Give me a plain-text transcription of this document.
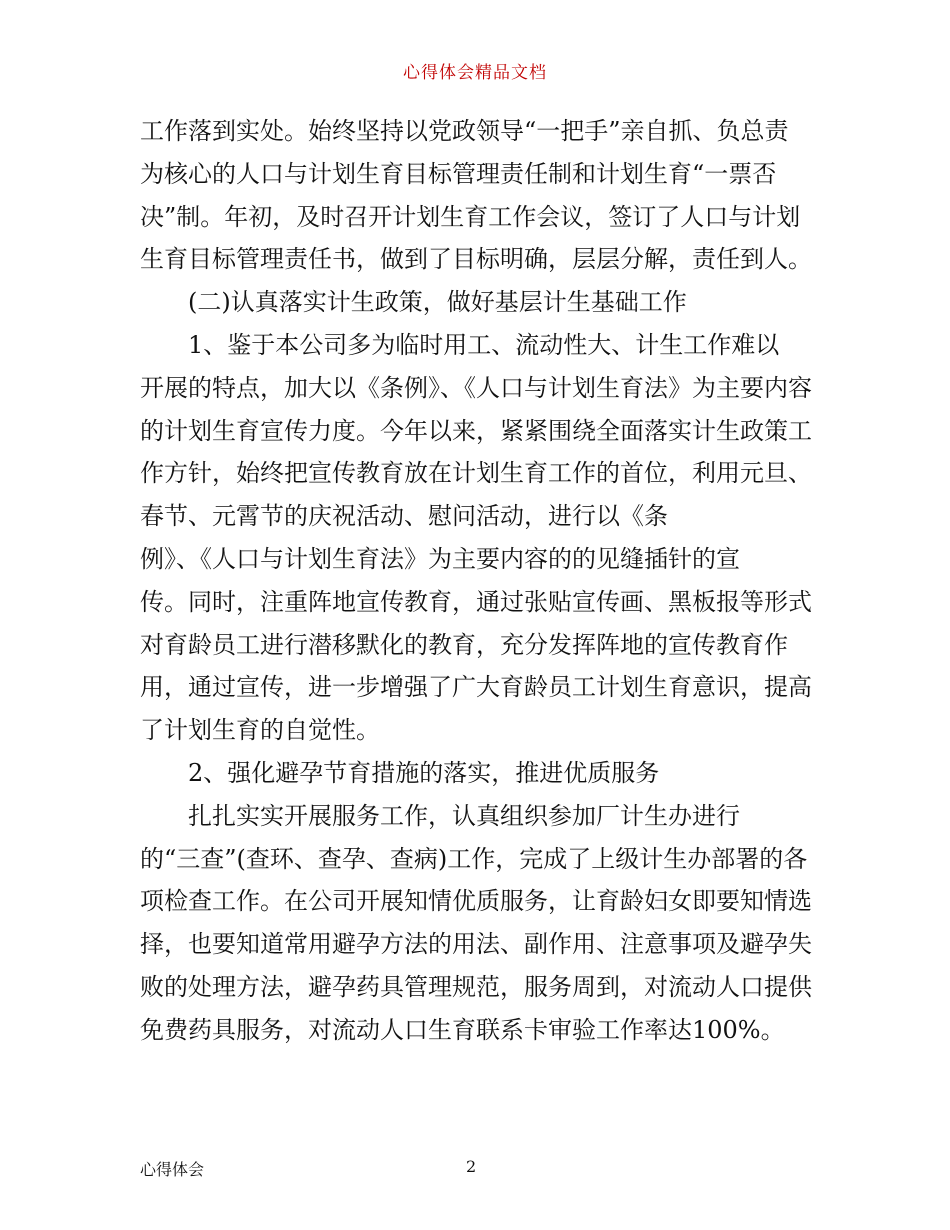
心得体会精品文档

工作落到实处。始终坚持以党政领导“一把手”亲自抓、负总责为核心的人口与计划生育目标管理责任制和计划生育“一票否决”制。年初，及时召开计划生育工作会议，签订了人口与计划生育目标管理责任书，做到了目标明确，层层分解，责任到人。

(二)认真落实计生政策，做好基层计生基础工作

1、鉴于本公司多为临时用工、流动性大、计生工作难以

开展的特点，加大以《条例》、《人口与计划生育法》为主要内容的计划生育宣传力度。今年以来，紧紧围绕全面落实计生政策工作方针，始终把宣传教育放在计划生育工作的首位，利用元旦、春节、元霄节的庆祝活动、慰问活动，进行以《条

例》、《人口与计划生育法》为主要内容的的见缝插针的宣

传。同时，注重阵地宣传教育，通过张贴宣传画、黑板报等形式对育龄员工进行潜移默化的教育，充分发挥阵地的宣传教育作用，通过宣传，进一步增强了广大育龄员工计划生育意识，提高了计划生育的自觉性。

2、强化避孕节育措施的落实，推进优质服务

扎扎实实开展服务工作，认真组织参加厂计生办进行

的“三查”(查环、查孕、查病)工作，完成了上级计生办部署的各项检查工作。在公司开展知情优质服务，让育龄妇女即要知情选择，也要知道常用避孕方法的用法、副作用、注意事项及避孕失败的处理方法，避孕药具管理规范，服务周到，对流动人口提供免费药具服务，对流动人口生育联系卡审验工作率达100%。

心得体会	2
